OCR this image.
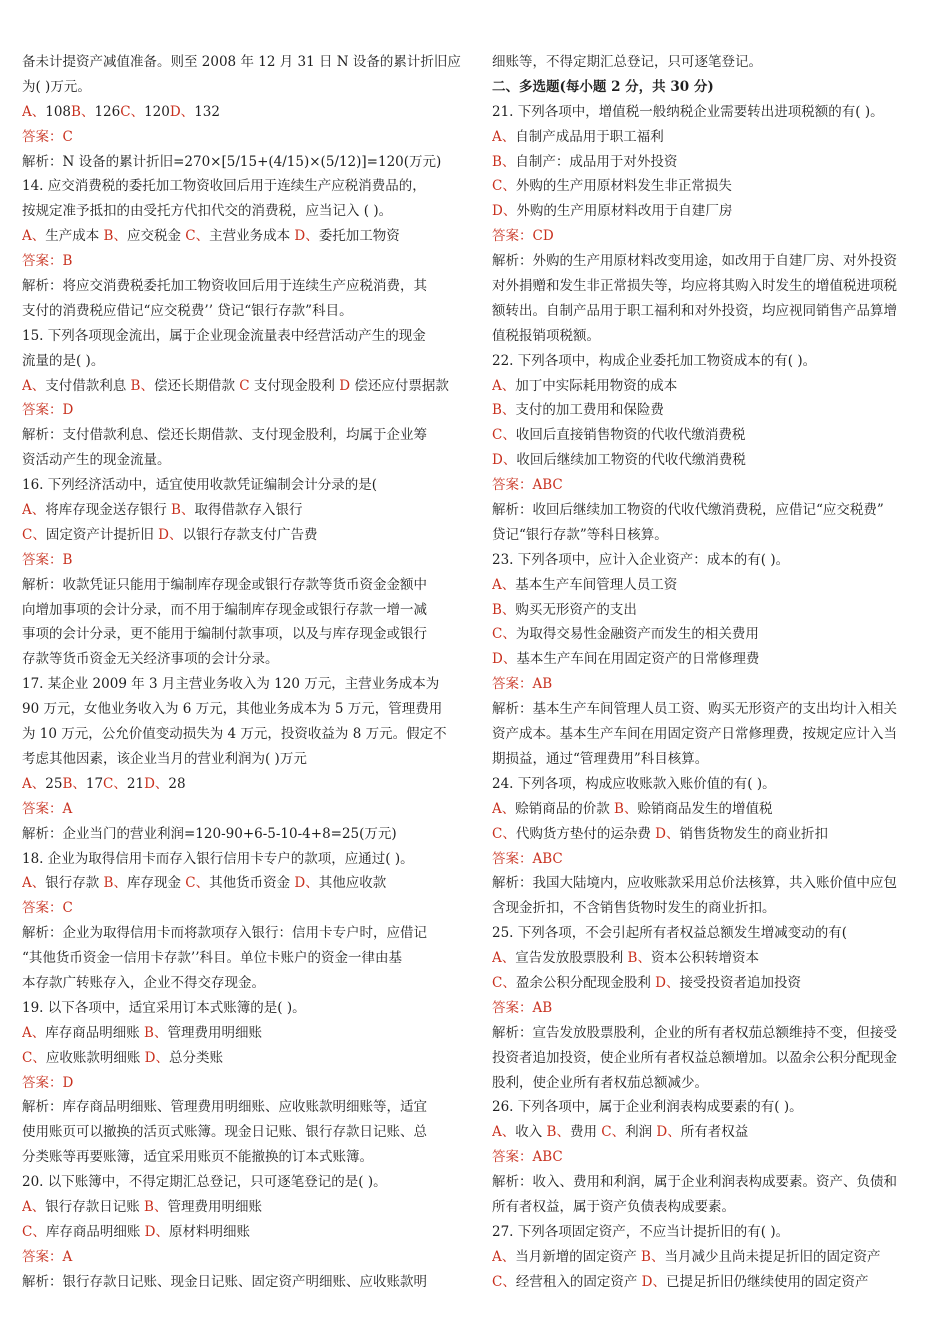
备未计提资产减值准备。则至 2008 年 12 月 31 日 N 设备的累计折旧应
为( )万元。
A、108B、126C、120D、132
答案：C
解析：N 设备的累计折旧=270×[5/15+(4/15)×(5/12)]=120(万元)
14. 应交消费税的委托加工物资收回后用于连续生产应税消费品的，
按规定准予抵扣的由受托方代扣代交的消费税，应当记入 ( )。
A、生产成本 B、应交税金 C、主营业务成本 D、委托加工物资
答案：B
解析：将应交消费税委托加工物资收回后用于连续生产应税消费，其
支付的消费税应借记“应交税费’’ 贷记“银行存款”科目。
15. 下列各项现金流出，属于企业现金流量表中经营活动产生的现金
流量的是( )。
A、支付借款利息 B、偿还长期借款 C 支付现金股利 D 偿还应付票据款
答案：D
解析：支付借款利息、偿还长期借款、支付现金股利，均属于企业筹
资活动产生的现金流量。
16. 下列经济活动中，适宜使用收款凭证编制会计分录的是(
A、将库存现金送存银行 B、取得借款存入银行
C、固定资产计提折旧 D、以银行存款支付广告费
答案：B
解析：收款凭证只能用于编制库存现金或银行存款等货币资金金额中
向增加事项的会计分录，而不用于编制库存现金或银行存款一增一减
事项的会计分录，更不能用于编制付款事项，以及与库存现金或银行
存款等货币资金无关经济事项的会计分录。
17. 某企业 2009 年 3 月主营业务收入为 120 万元，主营业务成本为
90 万元，女他业务收入为 6 万元，其他业务成本为 5 万元，管理费用
为 10 万元，公允价值变动损失为 4 万元，投资收益为 8 万元。假定不
考虑其他因素，该企业当月的营业利润为( )万元
A、25B、17C、21D、28
答案：A
解析：企业当门的营业利润=120-90+6-5-10-4+8=25(万元)
18. 企业为取得信用卡而存入银行信用卡专户的款项，应通过( )。
A、银行存款 B、库存现金 C、其他货币资金 D、其他应收款
答案：C
解析：企业为取得信用卡而将款项存入银行：信用卡专户时，应借记
“其他货币资金一信用卡存款’’科目。单位卡账户的资金一律由基
本存款广转账存入，企业不得交存现金。
19. 以下各项中，适宜采用订本式账簿的是( )。
A、库存商品明细账 B、管理费用明细账
C、应收账款明细账 D、总分类账
答案：D
解析：库存商品明细账、管理费用明细账、应收账款明细账等，适宜
使用账页可以撤换的活页式账簿。现金日记账、银行存款日记账、总
分类账等再要账簿，适宜采用账页不能撤换的订本式账簿。
20. 以下账簿中，不得定期汇总登记，只可逐笔登记的是( )。
A、银行存款日记账 B、管理费用明细账
C、库存商品明细账 D、原材料明细账
答案：A
解析：银行存款日记账、现金日记账、固定资产明细账、应收账款明
细账等，不得定期汇总登记，只可逐笔登记。
二、多选题(每小题 2 分，共 30 分)
21. 下列各项中，增值税一般纳税企业需要转出进项税额的有( )。
A、自制产成品用于职工福利
B、自制产：成品用于对外投资
C、外购的生产用原材料发生非正常损失
D、外购的生产用原材料改用于自建厂房
答案：CD
解析：外购的生产用原材料改变用途，如改用于自建厂房、对外投资
对外捐赠和发生非正常损失等，均应将其购入时发生的增值税进项税
额转出。自制产品用于职工福利和对外投资，均应视同销售产品算增
值税报销项税额。
22. 下列各项中，构成企业委托加工物资成本的有( )。
A、加丁中实际耗用物资的成本
B、支付的加工费用和保险费
C、收回后直接销售物资的代收代缴消费税
D、收回后继续加工物资的代收代缴消费税
答案：ABC
解析：收回后继续加工物资的代收代缴消费税，应借记“应交税费”
贷记“银行存款”等科日核算。
23. 下列各项中，应计入企业资产：成本的有( )。
A、基本生产车间管理人员工资
B、购买无形资产的支出
C、为取得交易性金融资产而发生的相关费用
D、基本生产车间在用固定资产的日常修理费
答案：AB
解析：基本生产车间管理人员工资、购买无形资产的支出均计入相关
资产成本。基本生产车间在用固定资产日常修理费，按规定应计入当
期损益，通过“管理费用”科目核算。
24. 下列各项，构成应收账款入账价值的有( )。
A、赊销商品的价款 B、赊销商品发生的增值税
C、代购货方垫付的运杂费 D、销售货物发生的商业折扣
答案：ABC
解析：我国大陆境内，应收账款采用总价法核算，共入账价值中应包
含现金折扣，不含销售货物时发生的商业折扣。
25. 下列各项，不会引起所有者权益总额发生增减变动的有(
A、宣告发放股票股利 B、资本公积转增资本
C、盈余公积分配现金股利 D、接受投资者追加投资
答案：AB
解析：宣告发放股票股利，企业的所有者权茄总额维持不变，但接受
投资者追加投资，使企业所有者权益总额增加。以盈余公积分配现金
股利，使企业所有者权茄总额减少。
26. 下列各项中，属于企业利润表构成要素的有( )。
A、收入 B、费用 C、利润 D、所有者权益
答案：ABC
解析：收入、费用和利润，属于企业利润表构成要素。资产、负债和
所有者权益，属于资产负债表构成要素。
27. 下列各项固定资产，不应当计提折旧的有( )。
A、当月新增的固定资产 B、当月减少且尚未提足折旧的固定资产
C、经营租入的固定资产 D、已提足折旧仍继续使用的固定资产
